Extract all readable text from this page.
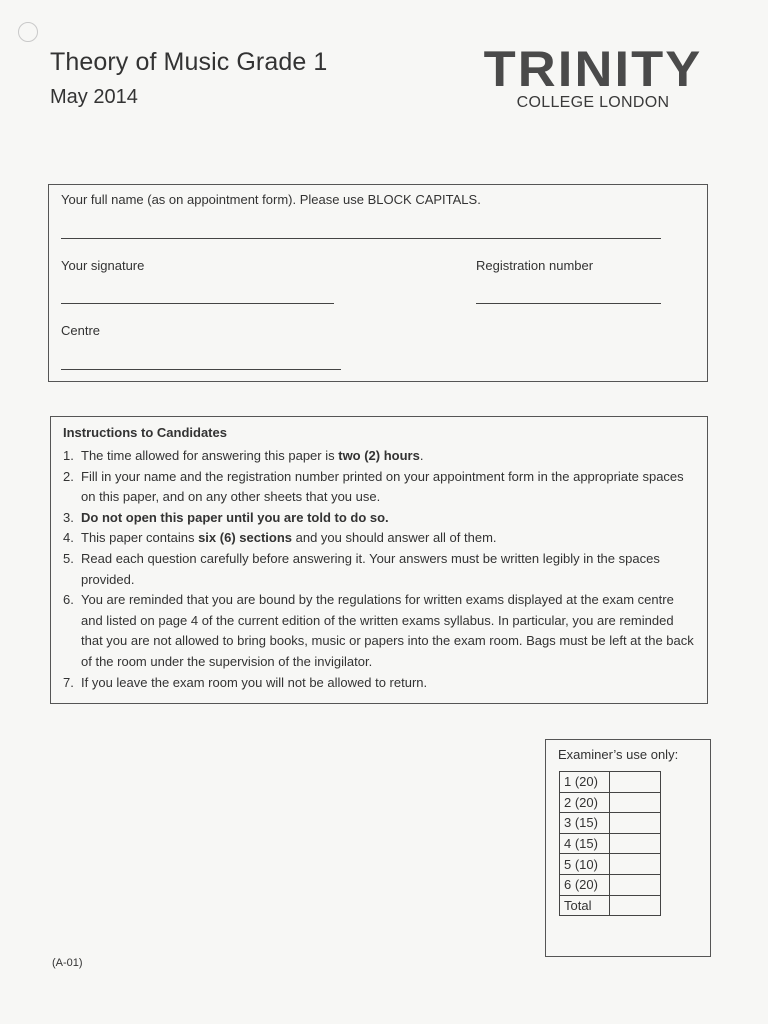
Theory of Music Grade 1
May 2014	TRINITY
COLLEGE LONDON
Your full name (as on appointment form). Please use BLOCK CAPITALS.
Your signature	Registration number
Centre
Instructions to Candidates
1. The time allowed for answering this paper is two (2) hours.
2. Fill in your name and the registration number printed on your appointment form in the appropriate spaces on this paper, and on any other sheets that you use.
3. Do not open this paper until you are told to do so.
4. This paper contains six (6) sections and you should answer all of them.
5. Read each question carefully before answering it. Your answers must be written legibly in the spaces provided.
6. You are reminded that you are bound by the regulations for written exams displayed at the exam centre and listed on page 4 of the current edition of the written exams syllabus. In particular, you are reminded that you are not allowed to bring books, music or papers into the exam room. Bags must be left at the back of the room under the supervision of the invigilator.
7. If you leave the exam room you will not be allowed to return.
Examiner’s use only:
1 (20)	
2 (20)	
3 (15)	
4 (15)	
5 (10)	
6 (20)	
Total	
(A-01)
